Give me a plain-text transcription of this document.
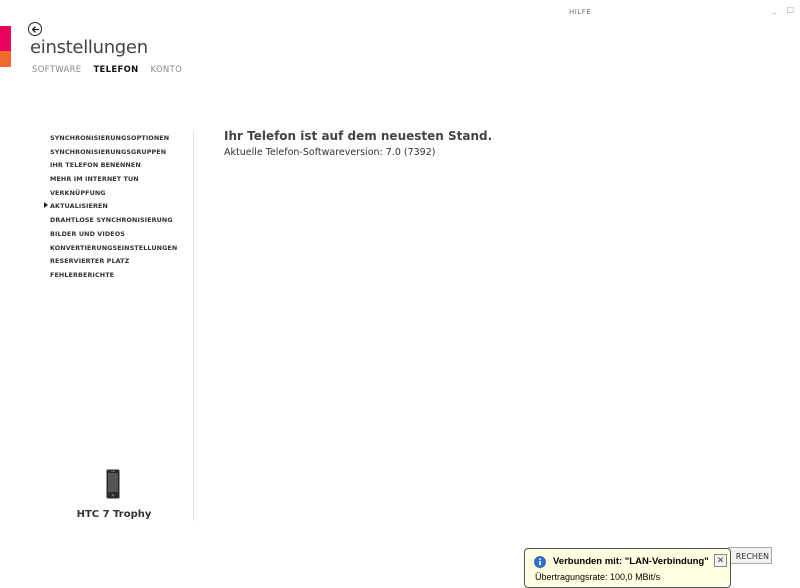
HILFE	_ □
einstellungen
SOFTWARE TELEFON KONTO
SYNCHRONISIERUNGSOPTIONEN
SYNCHRONISIERUNGSGRUPPEN
IHR TELEFON BENENNEN
MEHR IM INTERNET TUN
VERKNÜPFUNG
AKTUALISIEREN
DRAHTLOSE SYNCHRONISIERUNG
BILDER UND VIDEOS
KONVERTIERUNGSEINSTELLUNGEN
RESERVIERTER PLATZ
FEHLERBERICHTE
HTC 7 Trophy
Ihr Telefon ist auf dem neuesten Stand.
Aktuelle Telefon-Softwareversion: 7.0 (7392)
RECHEN
Verbunden mit: "LAN-Verbindung" ✕
Übertragungsrate: 100,0 MBit/s
